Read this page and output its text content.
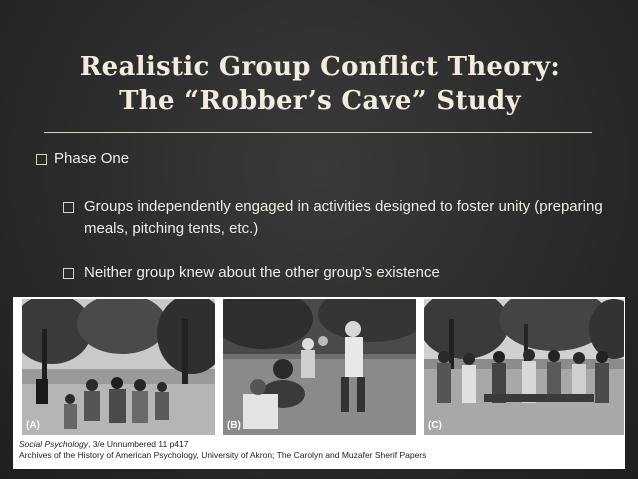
Realistic Group Conflict Theory:
The “Robber’s Cave” Study
Phase One
Groups independently engaged in activities designed to foster unity (preparing meals, pitching tents, etc.)
Neither group knew about the other group’s existence
(A)	(B)	(C)
Social Psychology, 3/e Unnumbered 11 p417
Archives of the History of American Psychology, University of Akron; The Carolyn and Muzafer Sherif Papers
